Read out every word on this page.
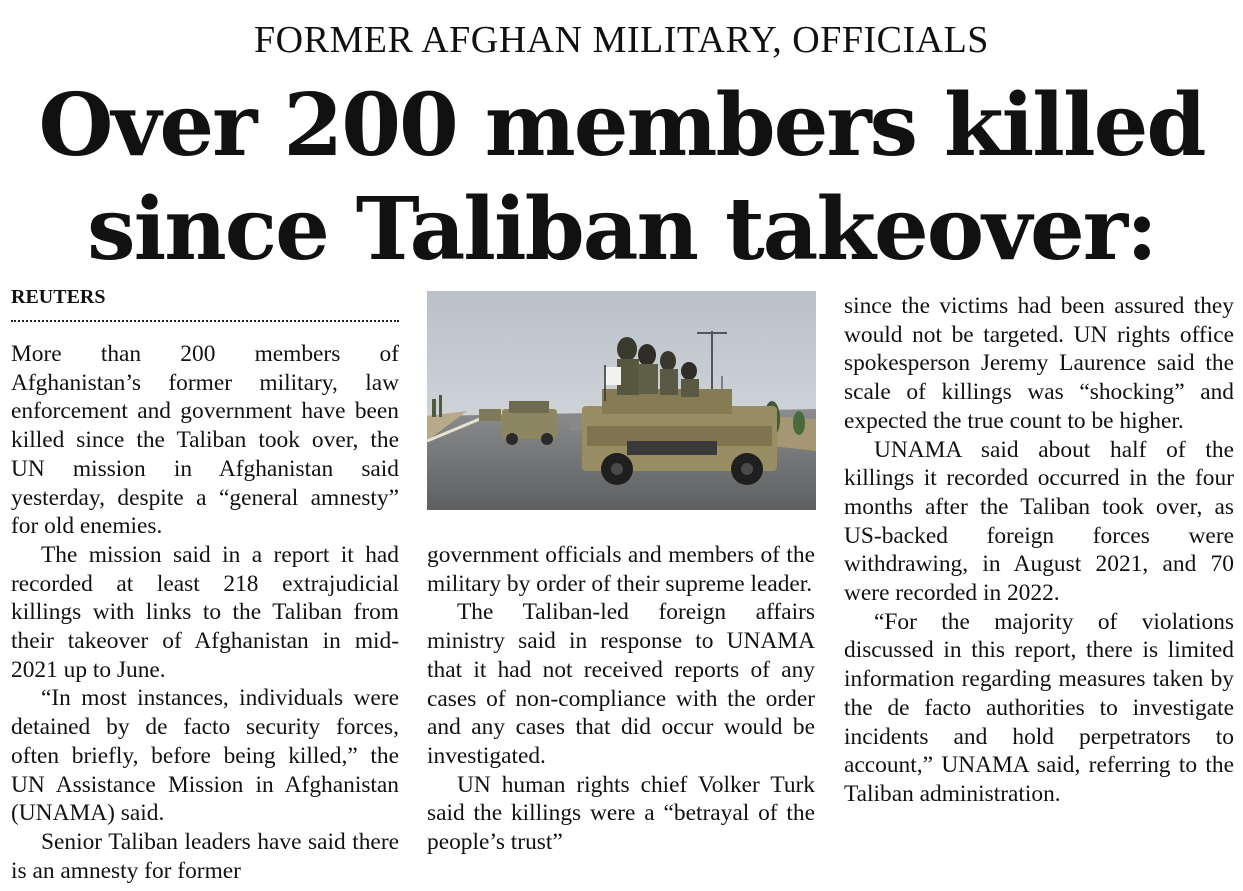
FORMER AFGHAN MILITARY, OFFICIALS
Over 200 members killed
since Taliban takeover:
REUTERS

More than 200 members of Afghanistan’s former military, law enforcement and government have been killed since the Taliban took over, the UN mission in Afghanistan said yesterday, despite a “general amnesty” for old enemies.

The mission said in a report it had recorded at least 218 extrajudicial killings with links to the Taliban from their takeover of Afghanistan in mid-2021 up to June.

“In most instances, individuals were detained by de facto security forces, often briefly, before being killed,” the UN Assistance Mission in Afghanistan (UNAMA) said.

Senior Taliban leaders have said there is an amnesty for former

government officials and members of the military by order of their supreme leader.

The Taliban-led foreign affairs ministry said in response to UNAMA that it had not received reports of any cases of non-compliance with the order and any cases that did occur would be investigated.

UN human rights chief Volker Turk said the killings were a “betrayal of the people’s trust”

since the victims had been assured they would not be targeted. UN rights office spokesperson Jeremy Laurence said the scale of killings was “shocking” and expected the true count to be higher.

UNAMA said about half of the killings it recorded occurred in the four months after the Taliban took over, as US-backed foreign forces were withdrawing, in August 2021, and 70 were recorded in 2022.

“For the majority of violations discussed in this report, there is limited information regarding measures taken by the de facto authorities to investigate incidents and hold perpetrators to account,” UNAMA said, referring to the Taliban administration.
